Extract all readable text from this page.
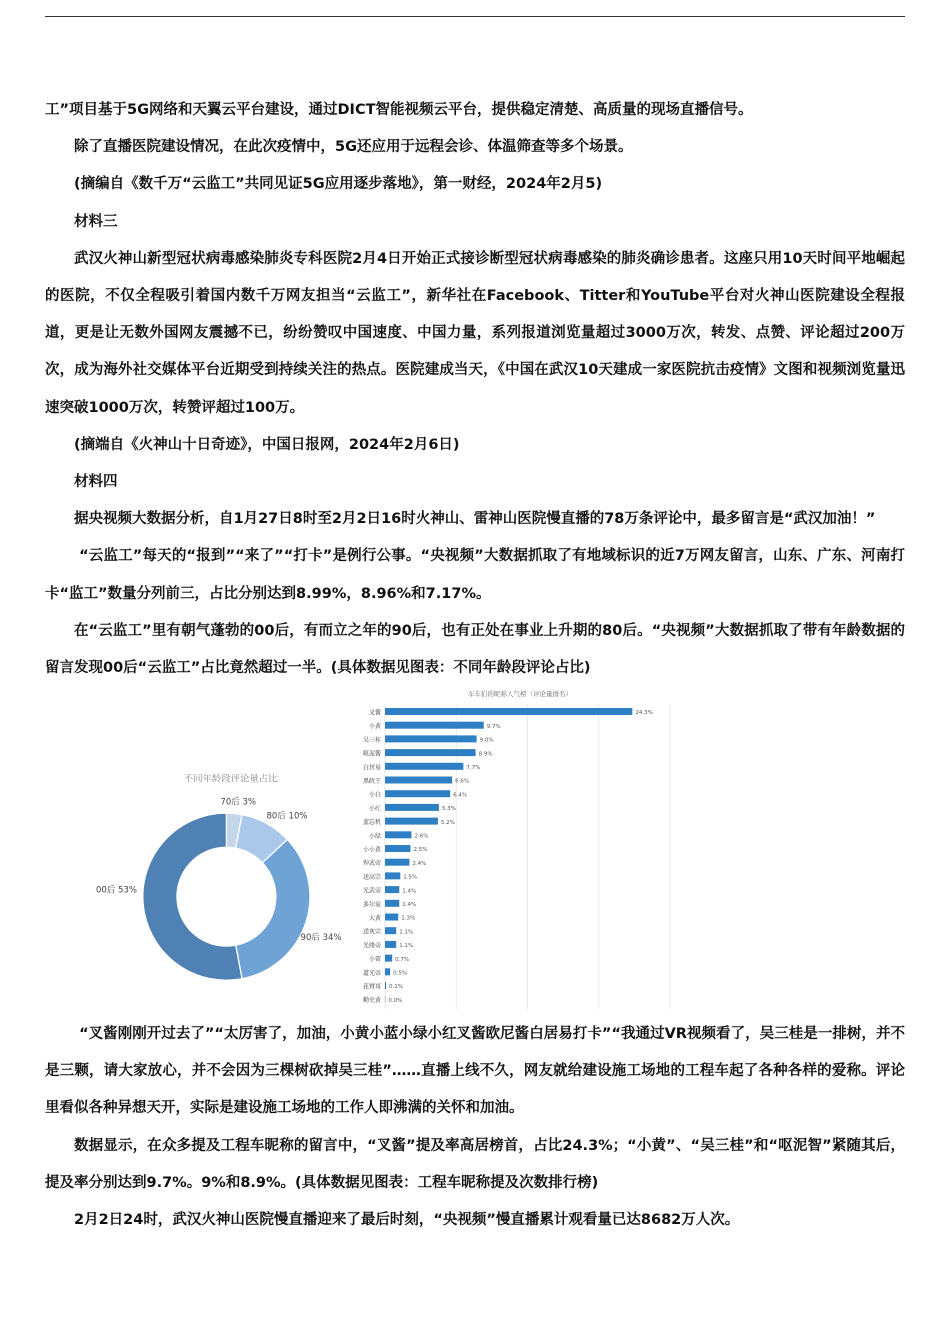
工”项目基于5G网络和天翼云平台建设，通过DICT智能视频云平台，提供稳定清楚、高质量的现场直播信号。

除了直播医院建设情况，在此次疫情中，5G还应用于远程会诊、体温筛查等多个场景。

(摘编自《数千万“云监工”共同见证5G应用逐步落地》，第一财经，2024年2月5)

材料三

武汉火神山新型冠状病毒感染肺炎专科医院2月4日开始正式接诊断型冠状病毒感染的肺炎确诊患者。这座只用10天时间平地崛起的医院，不仅全程吸引着国内数千万网友担当“云监工”，新华社在Facebook、Titter和YouTube平台对火神山医院建设全程报道，更是让无数外国网友震撼不已，纷纷赞叹中国速度、中国力量，系列报道浏览量超过3000万次，转发、点赞、评论超过200万次，成为海外社交媒体平台近期受到持续关注的热点。医院建成当天，《中国在武汉10天建成一家医院抗击疫情》文图和视频浏览量迅速突破1000万次，转赞评超过100万。

(摘端自《火神山十日奇迹》，中国日报网，2024年2月6日)

材料四

据央视频大数据分析，自1月27日8时至2月2日16时火神山、雷神山医院慢直播的78万条评论中，最多留言是“武汉加油！”

“云监工”每天的“报到”“来了”“打卡”是例行公事。“央视频”大数据抓取了有地域标识的近7万网友留言，山东、广东、河南打卡“监工”数量分列前三，占比分别达到8.99%，8.96%和7.17%。

在“云监工”里有朝气蓬勃的00后，有而立之年的90后，也有正处在事业上升期的80后。“央视频”大数据抓取了带有年龄数据的留言发现00后“云监工”占比竟然超过一半。(具体数据见图表：不同年龄段评论占比)

不同年龄段评论量占比
70后 3%
80后 10%
90后 34%
00后 53%
车车们的昵称人气榜（评论量排名）
叉酱	24.3%
小黄	9.7%
吴三桂	9.0%
呕泥酱	8.9%
白居易	7.7%
黑政王	6.6%
小白	6.4%
小红	5.3%
蓝忘机	5.2%
小绿	2.6%
小小黄	2.5%
焊武帝	2.4%
送高宗	1.5%
光武帝	1.4%
多尔衮	1.4%
大黄	1.3%
送灰宗	1.1%
光绪帝	1.1%
小雷	0.7%
道光帝 0.5%
花臂哥 0.1%
勤史黄 0.0%

“叉酱刚刚开过去了”“太厉害了，加油，小黄小蓝小绿小红叉酱欧尼酱白居易打卡”“我通过VR视频看了，吴三桂是一排树，并不是三颗，请大家放心，并不会因为三棵树砍掉吴三桂”……直播上线不久，网友就给建设施工场地的工程车起了各种各样的爱称。评论里看似各种异想天开，实际是建设施工场地的工作人即沸满的关怀和加油。

数据显示，在众多提及工程车昵称的留言中，“叉酱”提及率高居榜首，占比24.3%；“小黄”、“吴三桂”和“呕泥智”紧随其后，提及率分别达到9.7%。9%和8.9%。(具体数据见图表：工程车昵称提及次数排行榜)

2月2日24时，武汉火神山医院慢直播迎来了最后时刻，“央视频”慢直播累计观看量已达8682万人次。
